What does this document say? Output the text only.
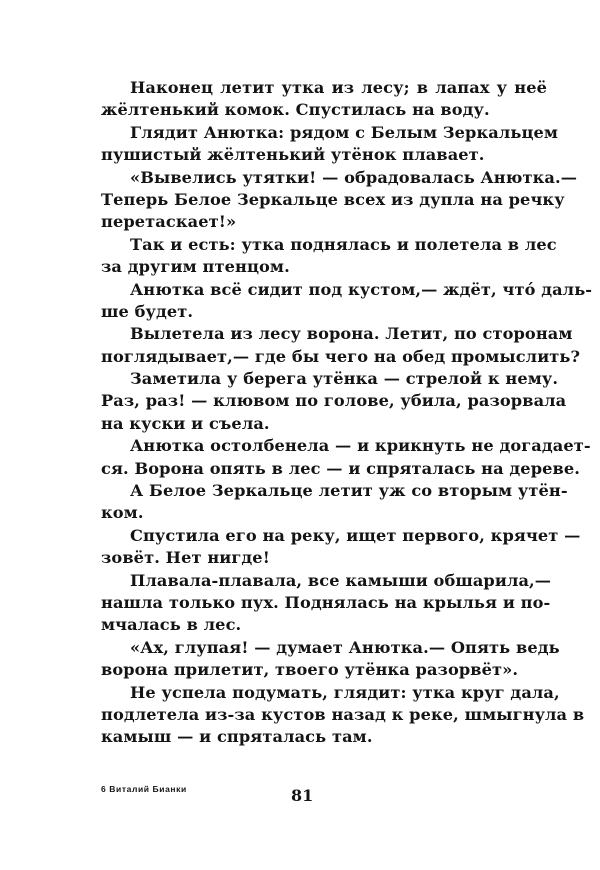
Наконец летит утка из лесу; в лапах у неё
жёлтенький комок. Спустилась на воду.
Глядит Анютка: рядом с Белым Зеркальцем
пушистый жёлтенький утёнок плавает.
«Вывелись утятки! — обрадовалась Анютка.—
Теперь Белое Зеркальце всех из дупла на речку
перетаскает!»
Так и есть: утка поднялась и полетела в лес
за другим птенцом.
Анютка всё сидит под кустом,— ждёт, что́ даль-
ше будет.
Вылетела из лесу ворона. Летит, по сторонам
поглядывает,— где бы чего на обед промыслить?
Заметила у берега утёнка — стрелой к нему.
Раз, раз! — клювом по голове, убила, разорвала
на куски и съела.
Анютка остолбенела — и крикнуть не догадает-
ся. Ворона опять в лес — и спряталась на дереве.
А Белое Зеркальце летит уж со вторым утён-
ком.
Спустила его на реку, ищет первого, крячет —
зовёт. Нет нигде!
Плавала-плавала, все камыши обшарила,—
нашла только пух. Поднялась на крылья и по-
мчалась в лес.
«Ах, глупая! — думает Анютка.— Опять ведь
ворона прилетит, твоего утёнка разорвёт».
Не успела подумать, глядит: утка круг дала,
подлетела из-за кустов назад к реке, шмыгнула в
камыш — и спряталась там.
6 Виталий Бианки	81
